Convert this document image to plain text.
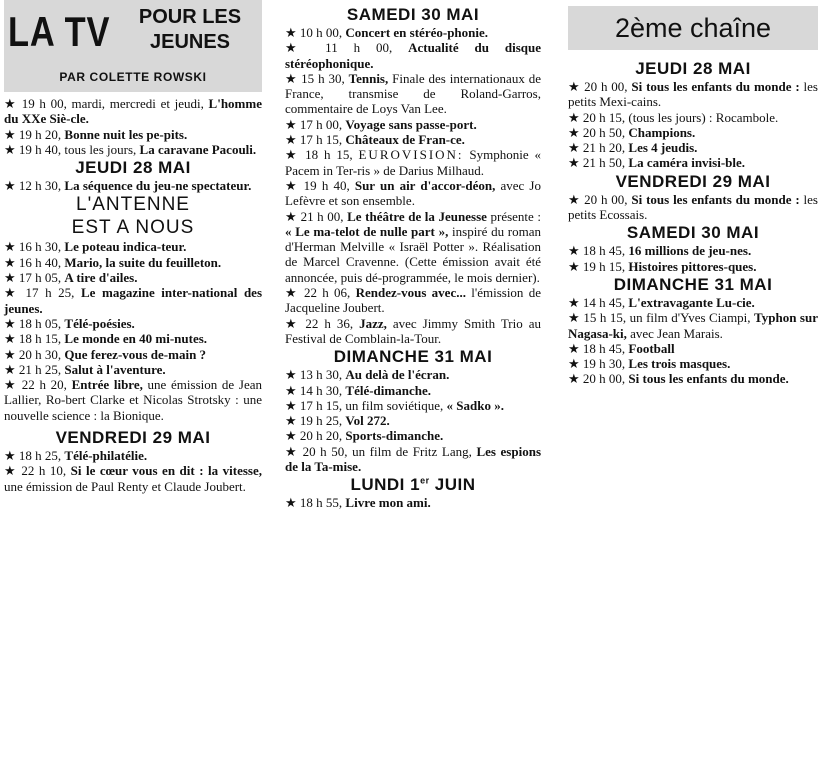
LA TV	POUR LES
JEUNES
PAR COLETTE ROWSKI

★ 19 h 00, mardi, mercredi et jeudi, L'homme du XXe Siè-cle.

★ 19 h 20, Bonne nuit les pe-pits.

★ 19 h 40, tous les jours, La caravane Pacouli.

JEUDI 28 MAI

★ 12 h 30, La séquence du jeu-ne spectateur.

L'ANTENNE

EST A NOUS

★ 16 h 30, Le poteau indica-teur.

★ 16 h 40, Mario, la suite du feuilleton.

★ 17 h 05, A tire d'ailes.

★ 17 h 25, Le magazine inter-national des jeunes.

★ 18 h 05, Télé-poésies.

★ 18 h 15, Le monde en 40 mi-nutes.

★ 20 h 30, Que ferez-vous de-main ?

★ 21 h 25, Salut à l'aventure.

★ 22 h 20, Entrée libre, une émission de Jean Lallier, Ro-bert Clarke et Nicolas Strotsky : une nouvelle science : la Bionique.

VENDREDI 29 MAI

★ 18 h 25, Télé-philatélie.

★ 22 h 10, Si le cœur vous en dit : la vitesse, une émission de Paul Renty et Claude Joubert.

SAMEDI 30 MAI

★ 10 h 00, Concert en stéréo-phonie.

★ 11 h 00, Actualité du disque stéréophonique.

★ 15 h 30, Tennis, Finale des internationaux de France, transmise de Roland-Garros, commentaire de Loys Van Lee.

★ 17 h 00, Voyage sans passe-port.

★ 17 h 15, Châteaux de Fran-ce.

★ 18 h 15, EUROVISION: Symphonie « Pacem in Ter-ris » de Darius Milhaud.

★ 19 h 40, Sur un air d'accor-déon, avec Jo Lefèvre et son ensemble.

★ 21 h 00, Le théâtre de la Jeunesse présente : « Le ma-telot de nulle part », inspiré du roman d'Herman Melville « Israël Potter ». Réalisation de Marcel Cravenne. (Cette émission avait été annoncée, puis dé-programmée, le mois dernier).

★ 22 h 06, Rendez-vous avec... l'émission de Jacqueline Joubert.

★ 22 h 36, Jazz, avec Jimmy Smith Trio au Festival de Comblain-la-Tour.

DIMANCHE 31 MAI

★ 13 h 30, Au delà de l'écran.

★ 14 h 30, Télé-dimanche.

★ 17 h 15, un film soviétique, « Sadko ».

★ 19 h 25, Vol 272.

★ 20 h 20, Sports-dimanche.

★ 20 h 50, un film de Fritz Lang, Les espions de la Ta-mise.

LUNDI 1er JUIN

★ 18 h 55, Livre mon ami.

2ème chaîne

JEUDI 28 MAI

★ 20 h 00, Si tous les enfants du monde : les petits Mexi-cains.

★ 20 h 15, (tous les jours) : Rocambole.

★ 20 h 50, Champions.

★ 21 h 20, Les 4 jeudis.

★ 21 h 50, La caméra invisi-ble.

VENDREDI 29 MAI

★ 20 h 00, Si tous les enfants du monde : les petits Ecossais.

SAMEDI 30 MAI

★ 18 h 45, 16 millions de jeu-nes.

★ 19 h 15, Histoires pittores-ques.

DIMANCHE 31 MAI

★ 14 h 45, L'extravagante Lu-cie.

★ 15 h 15, un film d'Yves Ciampi, Typhon sur Nagasa-ki, avec Jean Marais.

★ 18 h 45, Football

★ 19 h 30, Les trois masques.

★ 20 h 00, Si tous les enfants du monde.
